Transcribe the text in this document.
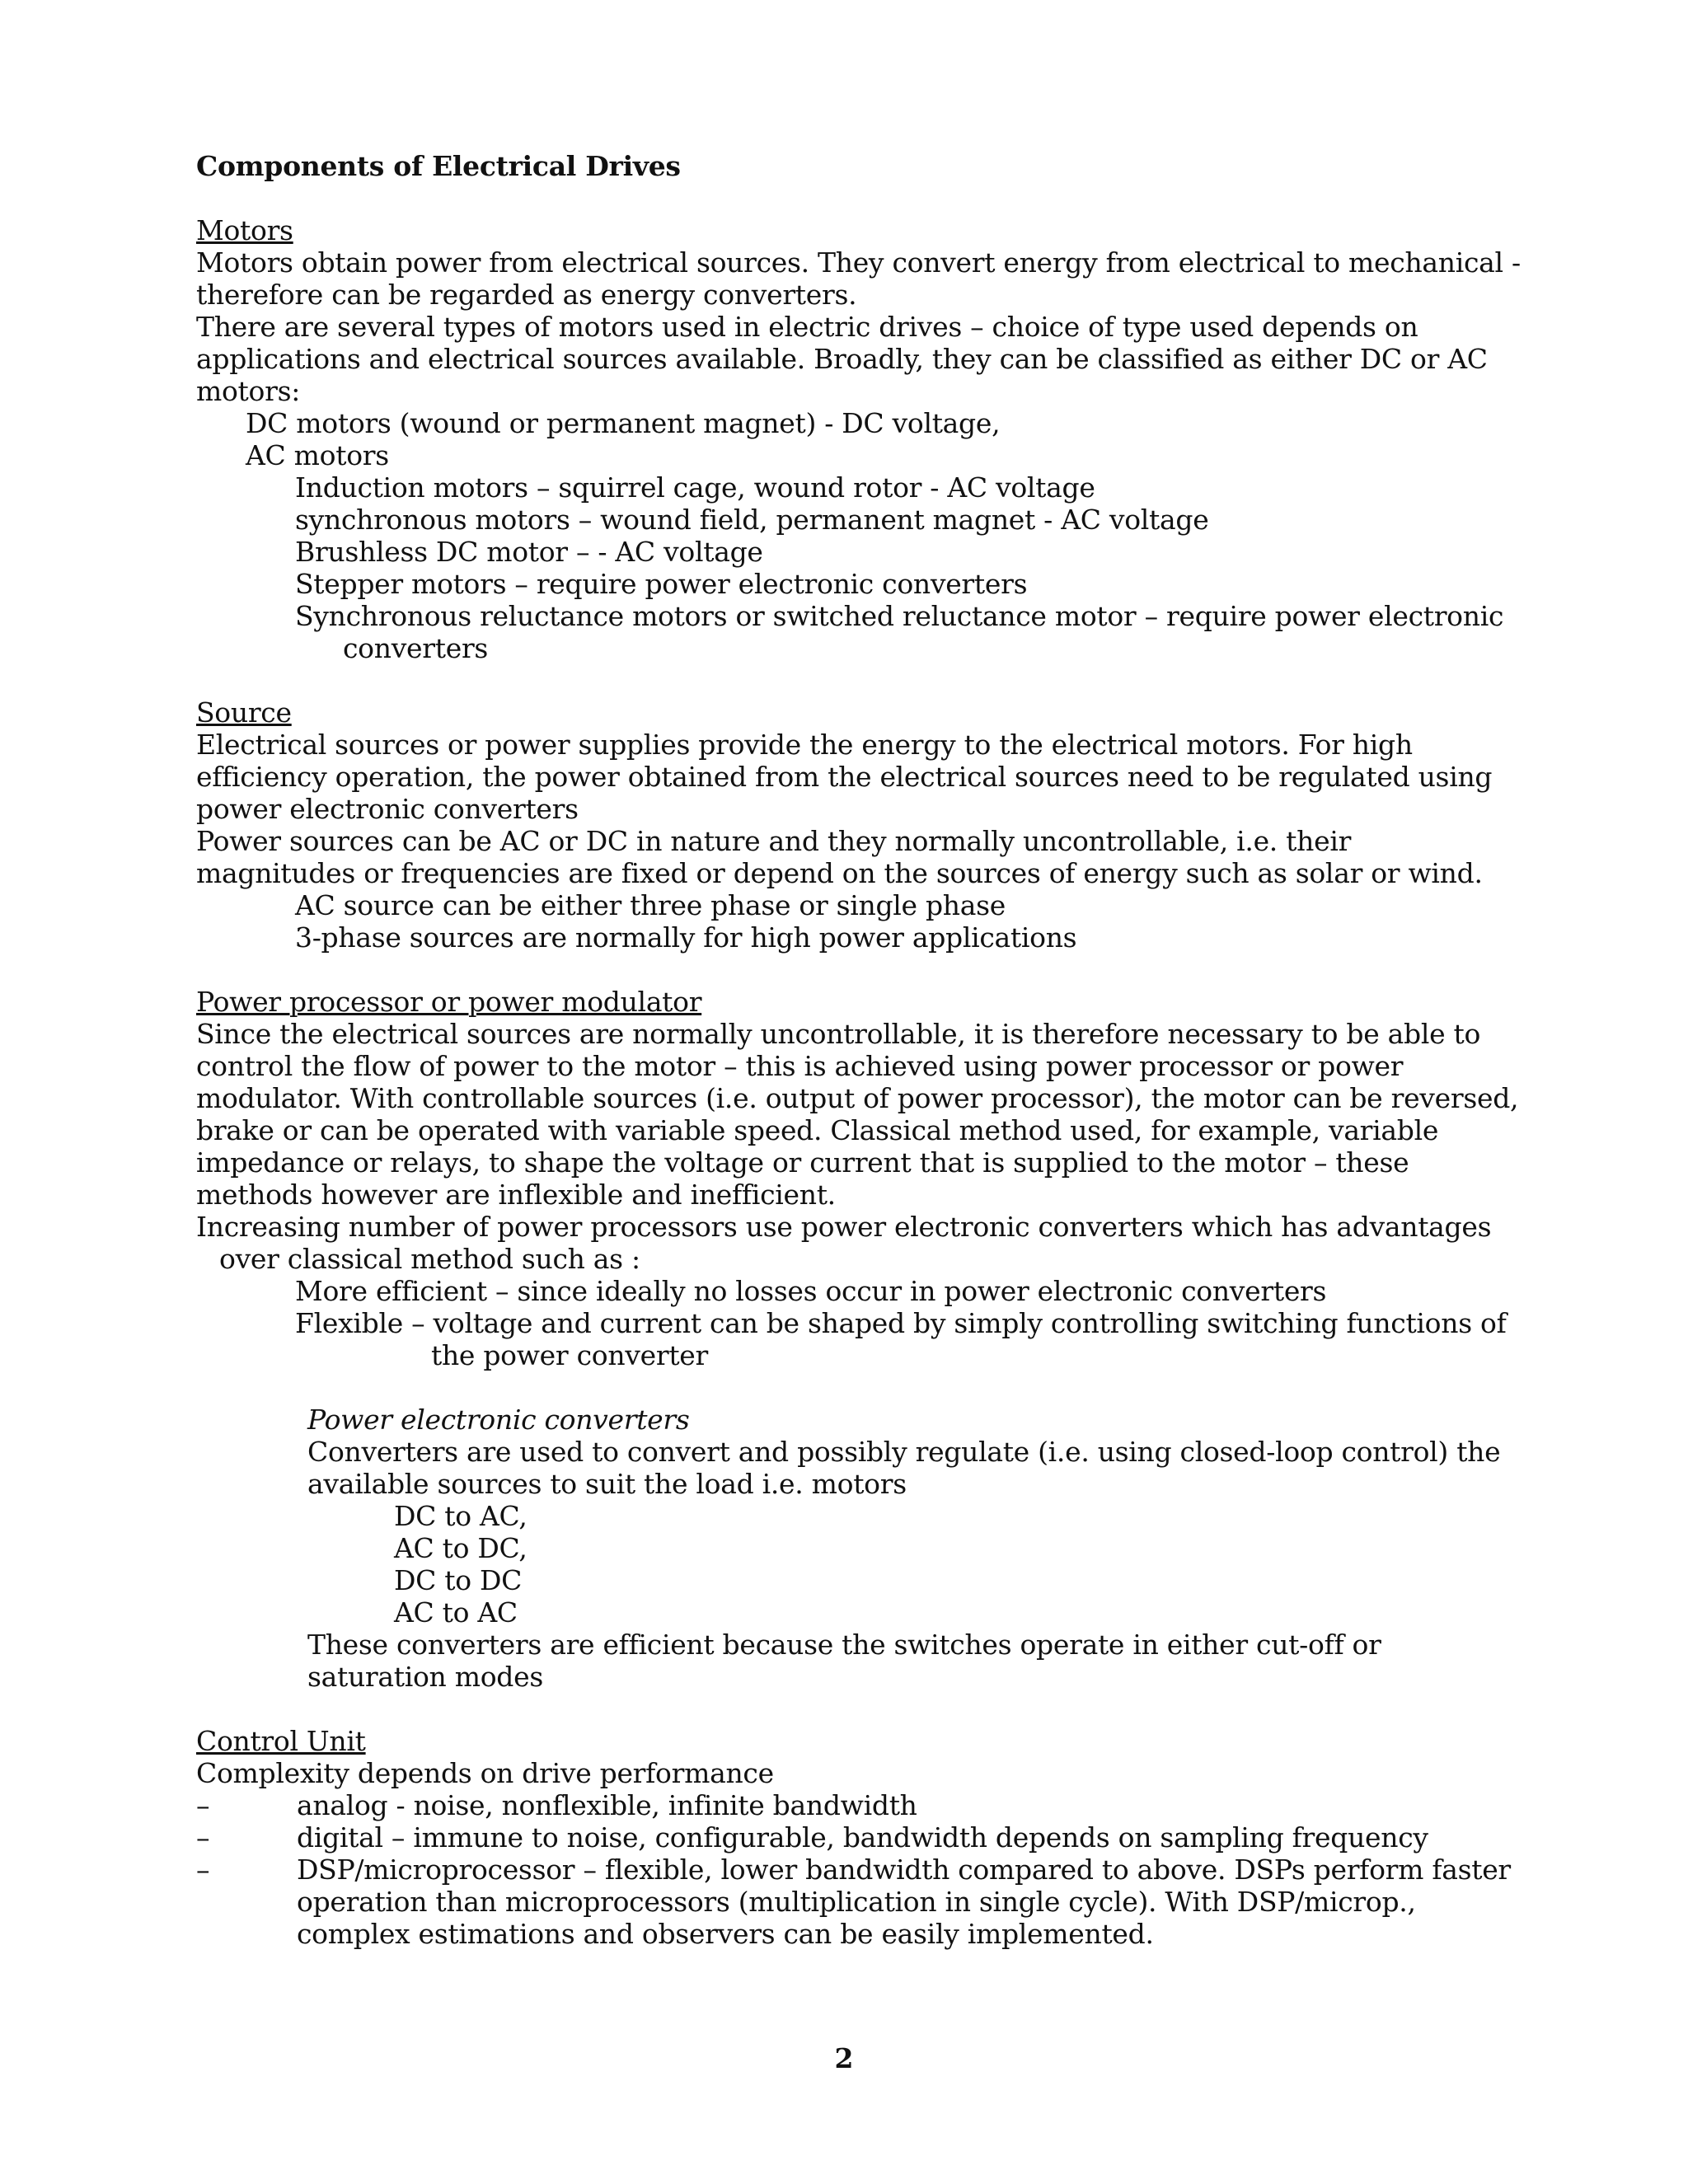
Components of Electrical Drives
Motors
Motors obtain power from electrical sources. They convert energy from electrical to mechanical -
therefore can be regarded as energy converters.
There are several types of motors used in electric drives – choice of type used depends on
applications and electrical sources available. Broadly, they can be classified as either DC or AC
motors:
DC motors (wound or permanent magnet) - DC voltage,
AC motors
Induction motors – squirrel cage, wound rotor - AC voltage
synchronous motors – wound field, permanent magnet - AC voltage
Brushless DC motor – - AC voltage
Stepper motors – require power electronic converters
Synchronous reluctance motors or switched reluctance motor – require power electronic
converters
Source
Electrical sources or power supplies provide the energy to the electrical motors. For high
efficiency operation, the power obtained from the electrical sources need to be regulated using
power electronic converters
Power sources can be AC or DC in nature and they normally uncontrollable, i.e. their
magnitudes or frequencies are fixed or depend on the sources of energy such as solar or wind.
AC source can be either three phase or single phase
3-phase sources are normally for high power applications
Power processor or power modulator
Since the electrical sources are normally uncontrollable, it is therefore necessary to be able to
control the flow of power to the motor – this is achieved using power processor or power
modulator. With controllable sources (i.e. output of power processor), the motor can be reversed,
brake or can be operated with variable speed. Classical method used, for example, variable
impedance or relays, to shape the voltage or current that is supplied to the motor – these
methods however are inflexible and inefficient.
Increasing number of power processors use power electronic converters which has advantages
over classical method such as :
More efficient – since ideally no losses occur in power electronic converters
Flexible – voltage and current can be shaped by simply controlling switching functions of
the power converter
Power electronic converters
Converters are used to convert and possibly regulate (i.e. using closed-loop control) the
available sources to suit the load i.e. motors
DC to AC,
AC to DC,
DC to DC
AC to AC
These converters are efficient because the switches operate in either cut-off or
saturation modes
Control Unit
Complexity depends on drive performance
–	analog - noise, nonflexible, infinite bandwidth
–	digital – immune to noise, configurable, bandwidth depends on sampling frequency
–	DSP/microprocessor – flexible, lower bandwidth compared to above. DSPs perform faster
operation than microprocessors (multiplication in single cycle). With DSP/microp.,
complex estimations and observers can be easily implemented.
2
